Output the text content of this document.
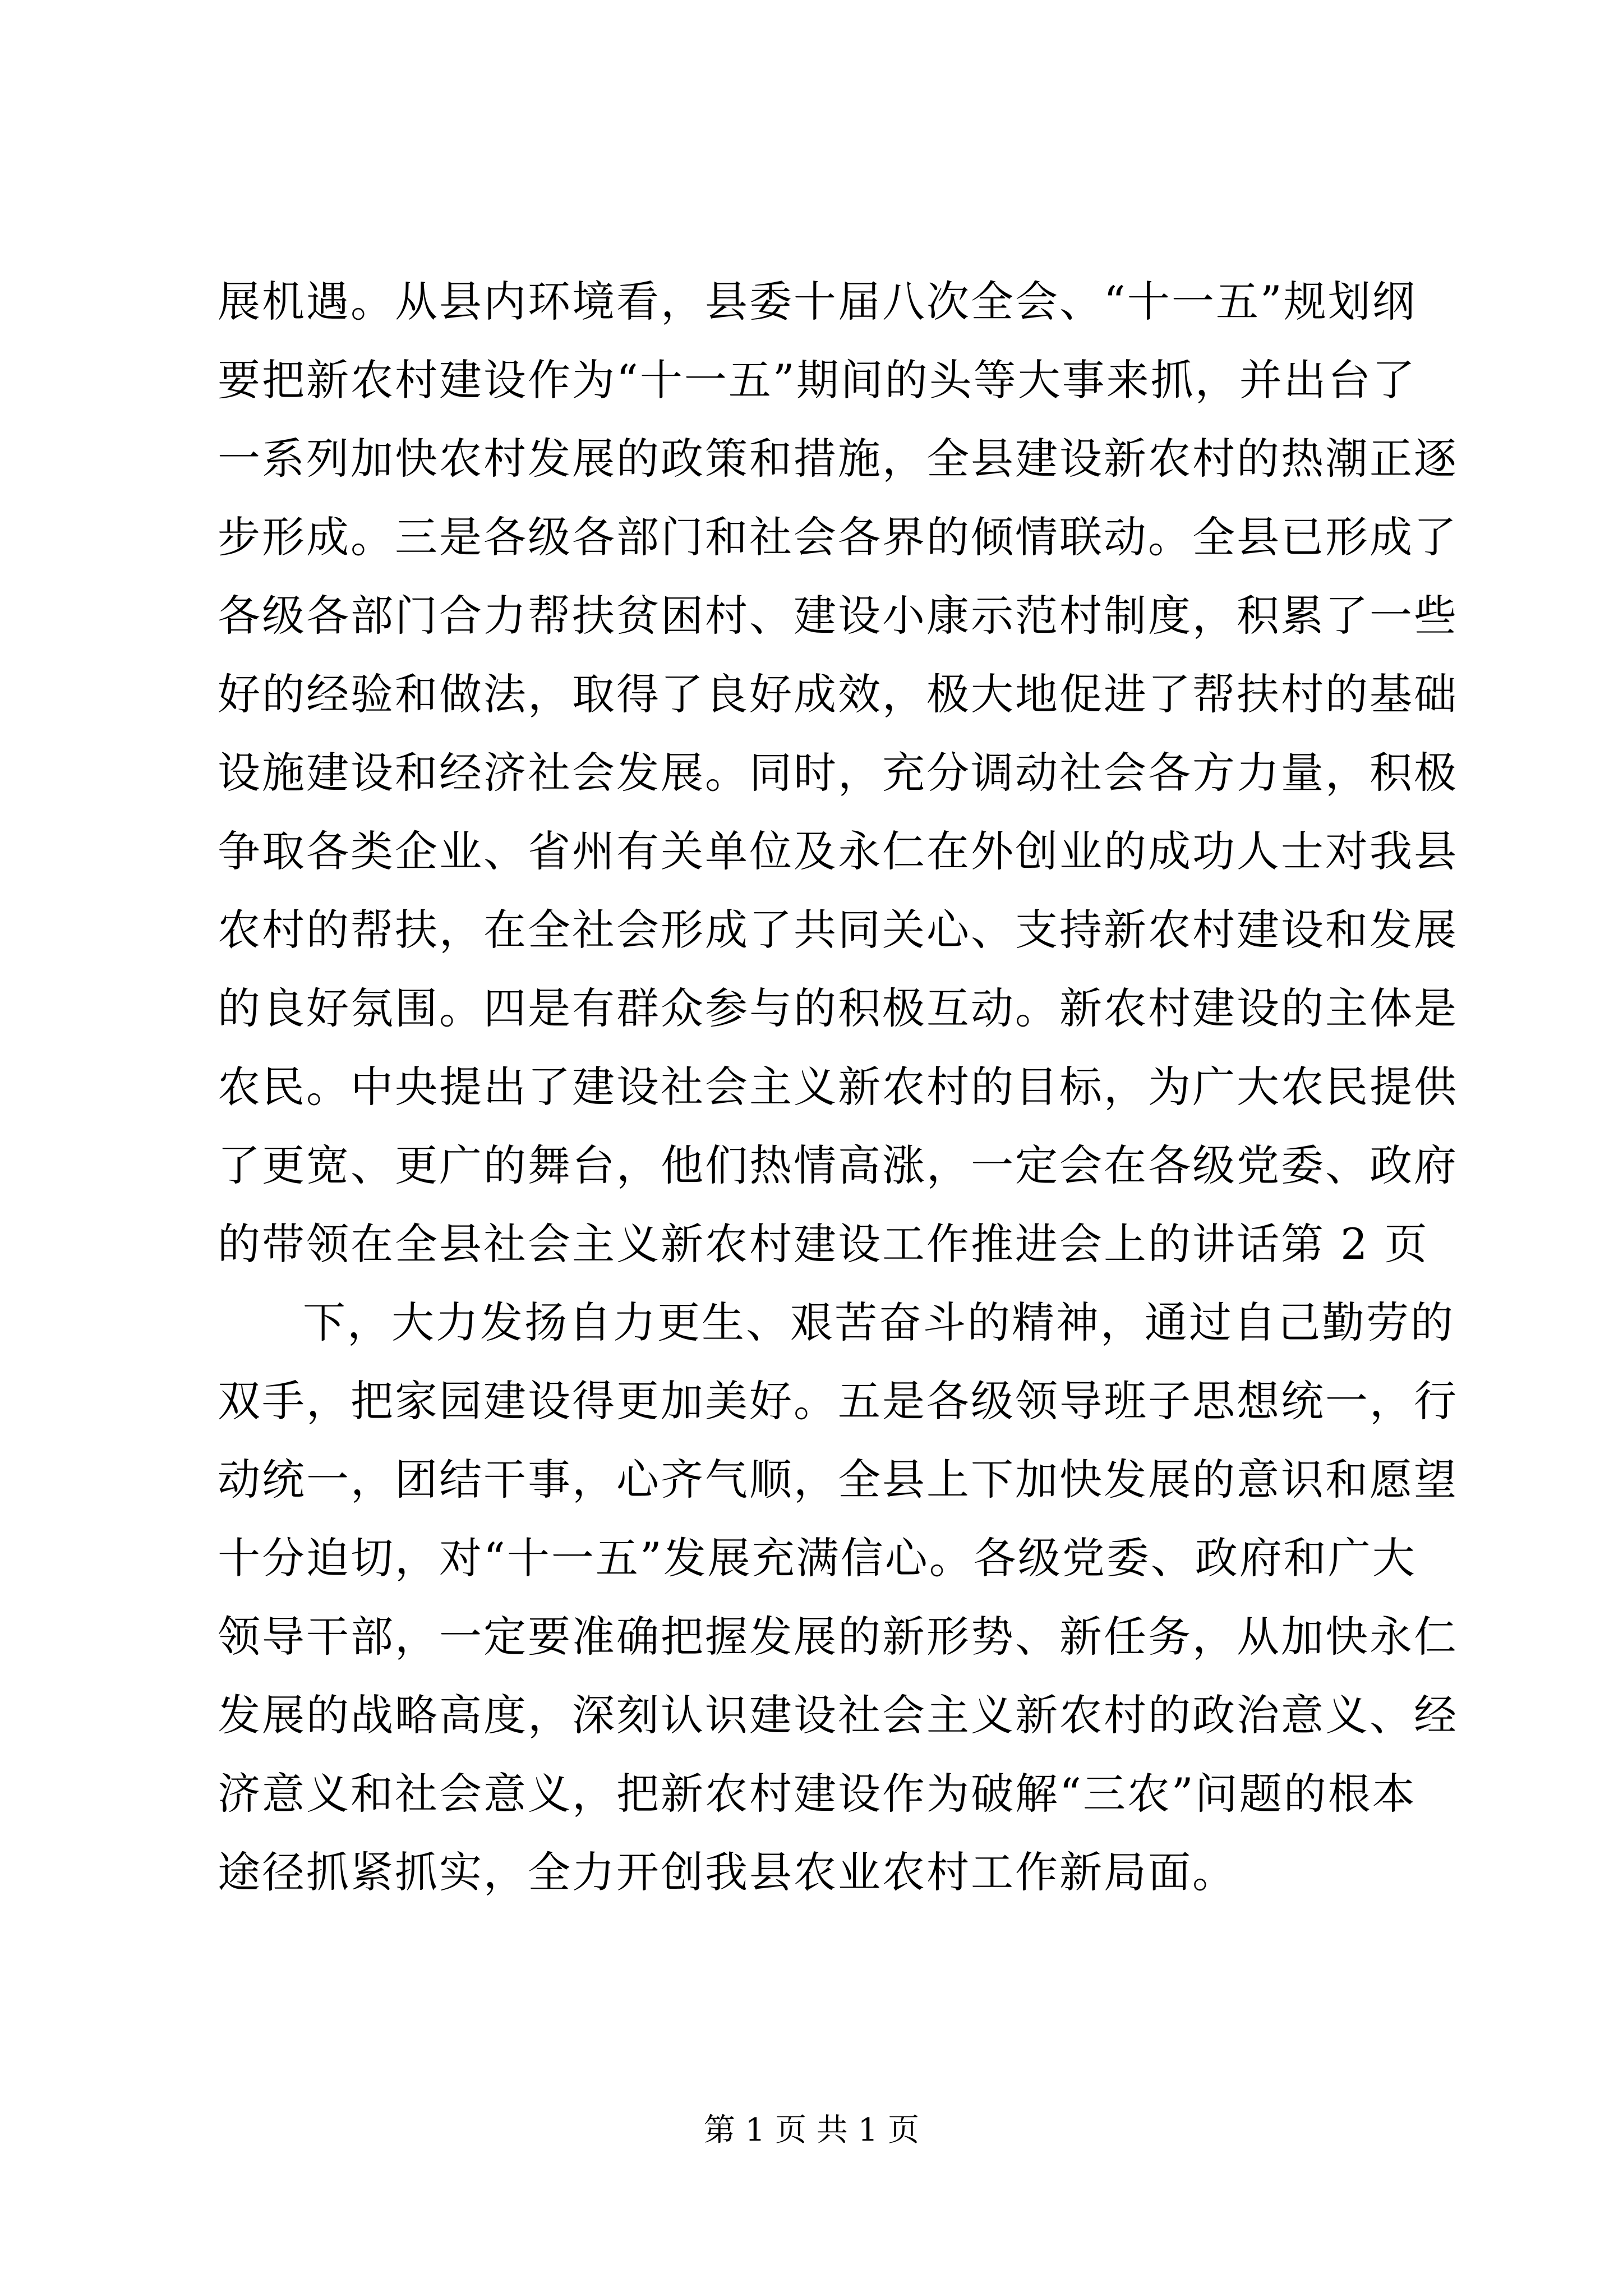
展机遇。从县内环境看，县委十届八次全会、“十一五”规划纲
要把新农村建设作为“十一五”期间的头等大事来抓，并出台了
一系列加快农村发展的政策和措施，全县建设新农村的热潮正逐
步形成。三是各级各部门和社会各界的倾情联动。全县已形成了
各级各部门合力帮扶贫困村、建设小康示范村制度，积累了一些
好的经验和做法，取得了良好成效，极大地促进了帮扶村的基础
设施建设和经济社会发展。同时，充分调动社会各方力量，积极
争取各类企业、省州有关单位及永仁在外创业的成功人士对我县
农村的帮扶，在全社会形成了共同关心、支持新农村建设和发展
的良好氛围。四是有群众参与的积极互动。新农村建设的主体是
农民。中央提出了建设社会主义新农村的目标，为广大农民提供
了更宽、更广的舞台，他们热情高涨，一定会在各级党委、政府
的带领在全县社会主义新农村建设工作推进会上的讲话第 2 页
下，大力发扬自力更生、艰苦奋斗的精神，通过自己勤劳的
双手，把家园建设得更加美好。五是各级领导班子思想统一，行
动统一，团结干事，心齐气顺，全县上下加快发展的意识和愿望
十分迫切，对“十一五”发展充满信心。各级党委、政府和广大
领导干部，一定要准确把握发展的新形势、新任务，从加快永仁
发展的战略高度，深刻认识建设社会主义新农村的政治意义、经
济意义和社会意义，把新农村建设作为破解“三农”问题的根本
途径抓紧抓实，全力开创我县农业农村工作新局面。
第 1 页 共 1 页
